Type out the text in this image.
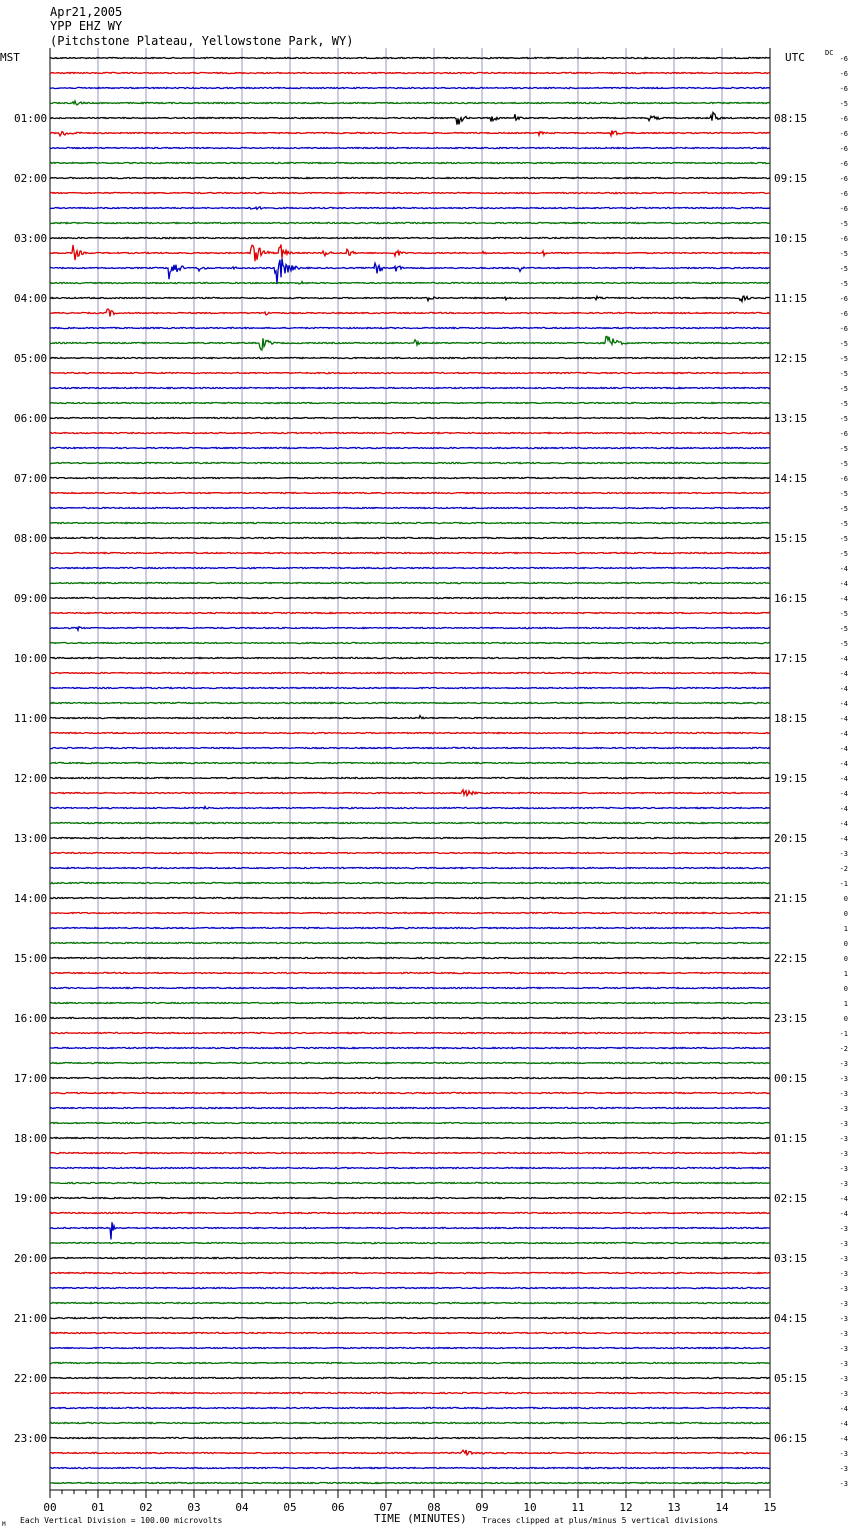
Apr21,2005
YPP EHZ WY
(Pitchstone Plateau, Yellowstone Park, WY)
MST	UTC	DC
01:00
02:00
03:00
04:00
05:00
06:00
07:00
08:00
09:00
10:00
11:00
12:00
13:00
14:00
15:00
16:00
17:00
18:00
19:00
20:00
21:00
22:00
23:00
08:15
09:15
10:15
11:15
12:15
13:15
14:15
15:15
16:15
17:15
18:15
19:15
20:15
21:15
22:15
23:15
00:15
01:15
02:15
03:15
04:15
05:15
06:15
-6
-6
-6
-5
-6
-6
-6
-6
-6
-6
-6
-5
-6
-5
-5
-5
-6
-6
-6
-5
-5
-5
-5
-5
-5
-6
-5
-5
-6
-5
-5
-5
-5
-5
-4
-4
-4
-5
-5
-5
-4
-4
-4
-4
-4
-4
-4
-4
-4
-4
-4
-4
-4
-3
-2
-1
0
0
1
0
0
1
0
1
0
-1
-2
-3
-3
-3
-3
-3
-3
-3
-3
-3
-4
-4
-3
-3
-3
-3
-3
-3
-3
-3
-3
-3
-3
-3
-4
-4
-4
-3
-3
-3
00	01	02	03	04	05	06	07	08	09	10	11	12	13	14	15
TIME (MINUTES)
Each Vertical Division = 100.00 microvolts	Traces clipped at plus/minus 5 vertical divisions
M
